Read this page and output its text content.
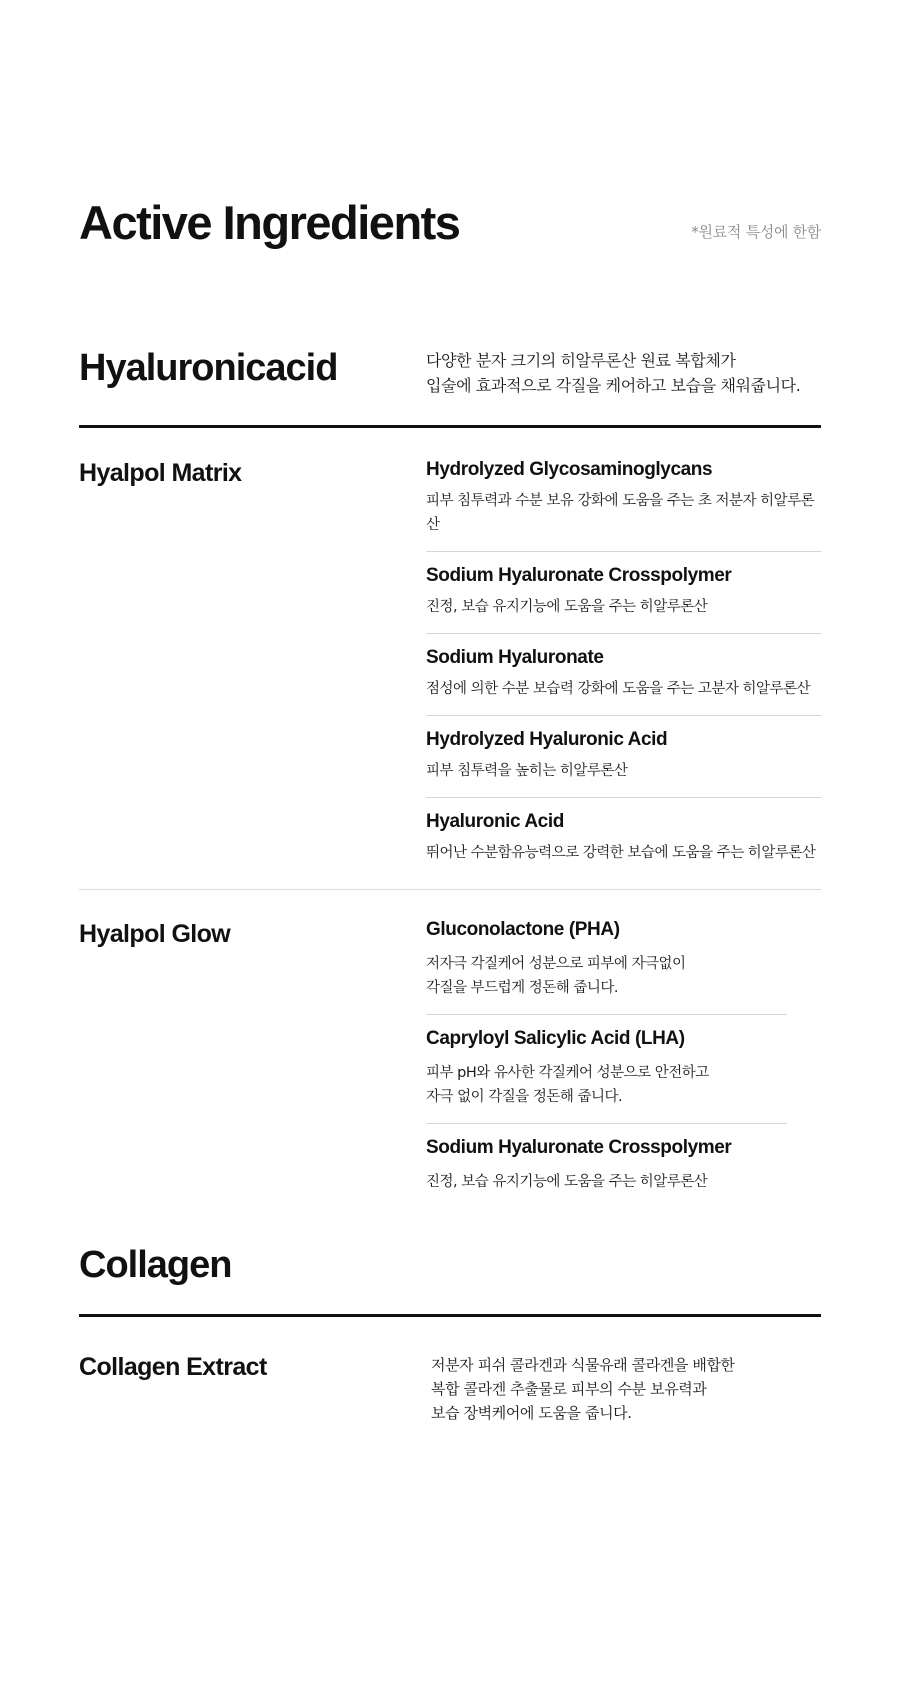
Active Ingredients	*원료적 특성에 한함
Hyaluronicacid	다양한 분자 크기의 히알루론산 원료 복합체가
입술에 효과적으로 각질을 케어하고 보습을 채워줍니다.

Hyalpol Matrix	Hydrolyzed Glycosaminoglycans

피부 침투력과 수분 보유 강화에 도움을 주는 초 저분자 히알루론산

Sodium Hyaluronate Crosspolymer

진정, 보습 유지기능에 도움을 주는 히알루론산

Sodium Hyaluronate

점성에 의한 수분 보습력 강화에 도움을 주는 고분자 히알루론산

Hydrolyzed Hyaluronic Acid

피부 침투력을 높히는 히알루론산

Hyaluronic Acid

뛰어난 수분함유능력으로 강력한 보습에 도움을 주는 히알루론산

Hyalpol Glow	Gluconolactone (PHA)

저자극 각질케어 성분으로 피부에 자극없이
각질을 부드럽게 정돈해 줍니다.

Capryloyl Salicylic Acid (LHA)

피부 pH와 유사한 각질케어 성분으로 안전하고
자극 없이 각질을 정돈해 줍니다.

Sodium Hyaluronate Crosspolymer

진정, 보습 유지기능에 도움을 주는 히알루론산

Collagen
Collagen Extract	저분자 피쉬 콜라겐과 식물유래 콜라겐을 배합한
복합 콜라겐 추출물로 피부의 수분 보유력과
보습 장벽케어에 도움을 줍니다.
